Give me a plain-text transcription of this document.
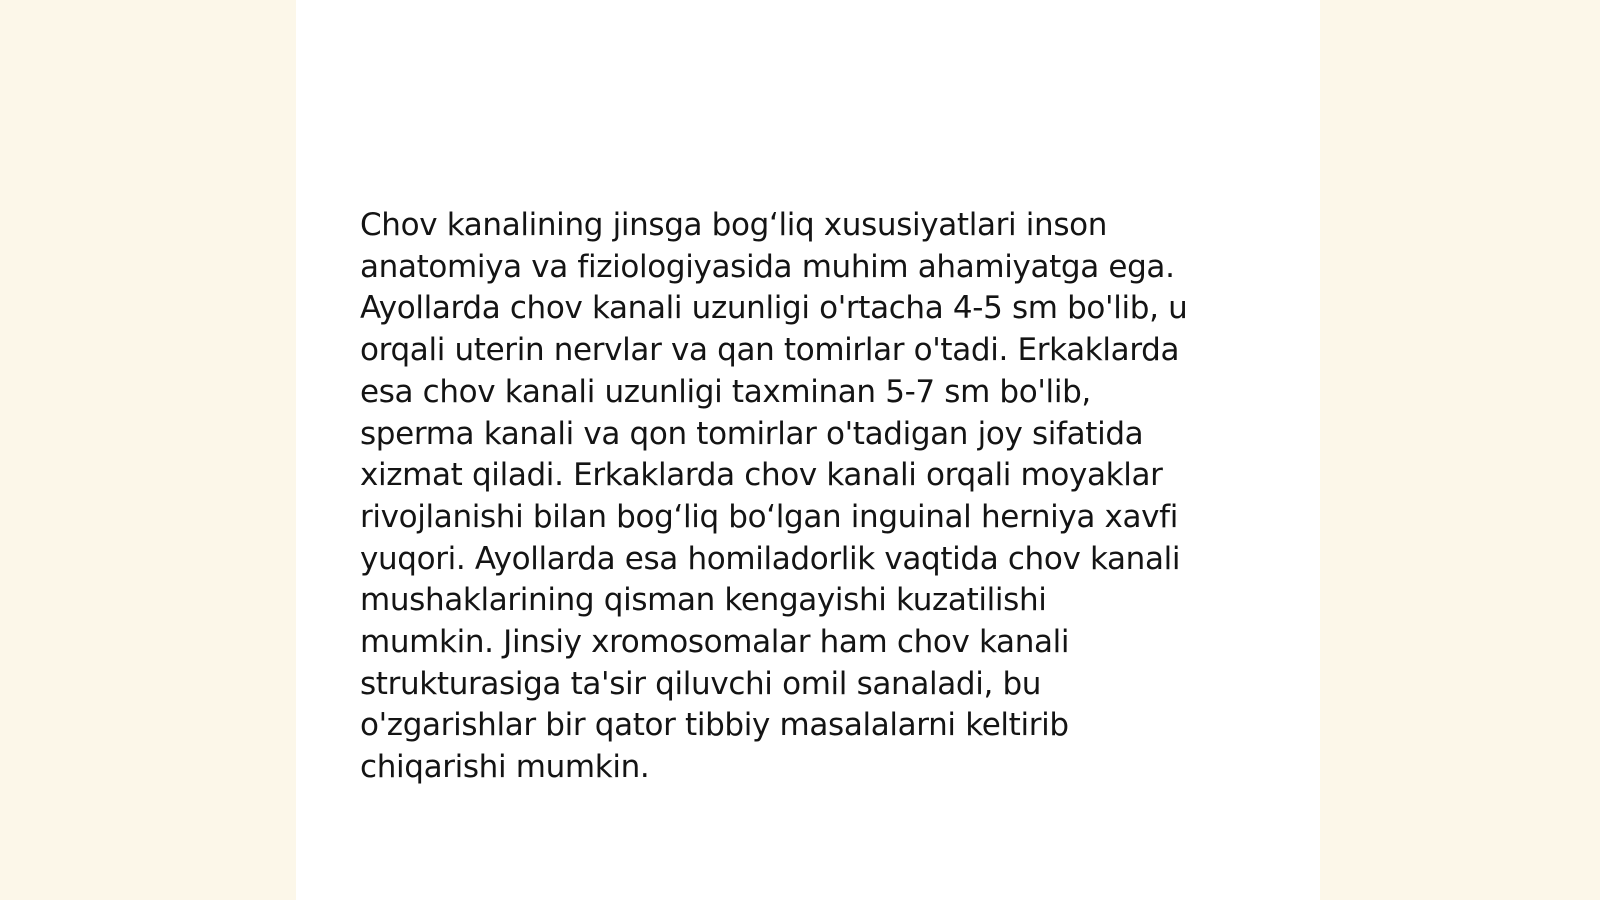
Chov kanalining jinsga bog‘liq xususiyatlari inson
anatomiya va fiziologiyasida muhim ahamiyatga ega.
Ayollarda chov kanali uzunligi o'rtacha 4-5 sm bo'lib, u
orqali uterin nervlar va qan tomirlar o'tadi. Erkaklarda
esa chov kanali uzunligi taxminan 5-7 sm bo'lib,
sperma kanali va qon tomirlar o'tadigan joy sifatida
xizmat qiladi. Erkaklarda chov kanali orqali moyaklar
rivojlanishi bilan bog‘liq bo‘lgan inguinal herniya xavfi
yuqori. Ayollarda esa homiladorlik vaqtida chov kanali
mushaklarining qisman kengayishi kuzatilishi
mumkin. Jinsiy xromosomalar ham chov kanali
strukturasiga ta'sir qiluvchi omil sanaladi, bu
o'zgarishlar bir qator tibbiy masalalarni keltirib
chiqarishi mumkin.
